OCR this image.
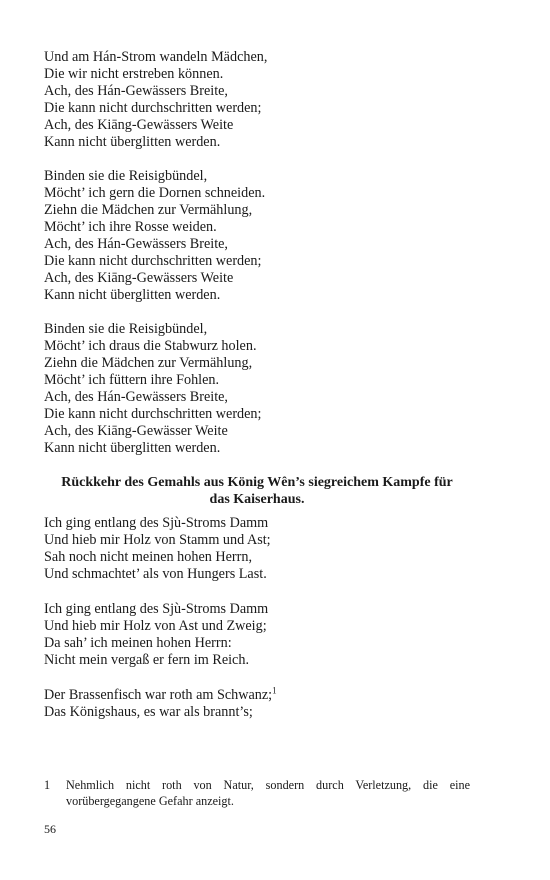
Und am Hán-Strom wandeln Mädchen,
Die wir nicht erstreben können.
Ach, des Hán-Gewässers Breite,
Die kann nicht durchschritten werden;
Ach, des Kiāng-Gewässers Weite
Kann nicht überglitten werden.
Binden sie die Reisigbündel,
Möcht’ ich gern die Dornen schneiden.
Ziehn die Mädchen zur Vermählung,
Möcht’ ich ihre Rosse weiden.
Ach, des Hán-Gewässers Breite,
Die kann nicht durchschritten werden;
Ach, des Kiāng-Gewässers Weite
Kann nicht überglitten werden.
Binden sie die Reisigbündel,
Möcht’ ich draus die Stabwurz holen.
Ziehn die Mädchen zur Vermählung,
Möcht’ ich füttern ihre Fohlen.
Ach, des Hán-Gewässers Breite,
Die kann nicht durchschritten werden;
Ach, des Kiāng-Gewässer Weite
Kann nicht überglitten werden.
Rückkehr des Gemahls aus König Wên’s siegreichem Kampfe für
das Kaiserhaus.
Ich ging entlang des Sjù-Stroms Damm
Und hieb mir Holz von Stamm und Ast;
Sah noch nicht meinen hohen Herrn,
Und schmachtet’ als von Hungers Last.
Ich ging entlang des Sjù-Stroms Damm
Und hieb mir Holz von Ast und Zweig;
Da sah’ ich meinen hohen Herrn:
Nicht mein vergaß er fern im Reich.
Der Brassenfisch war roth am Schwanz;$^1$
Das Königshaus, es war als brannt’s;
1	Nehmlich nicht roth von Natur, sondern durch Verletzung, die eine vorübergegangene Gefahr anzeigt.
56
